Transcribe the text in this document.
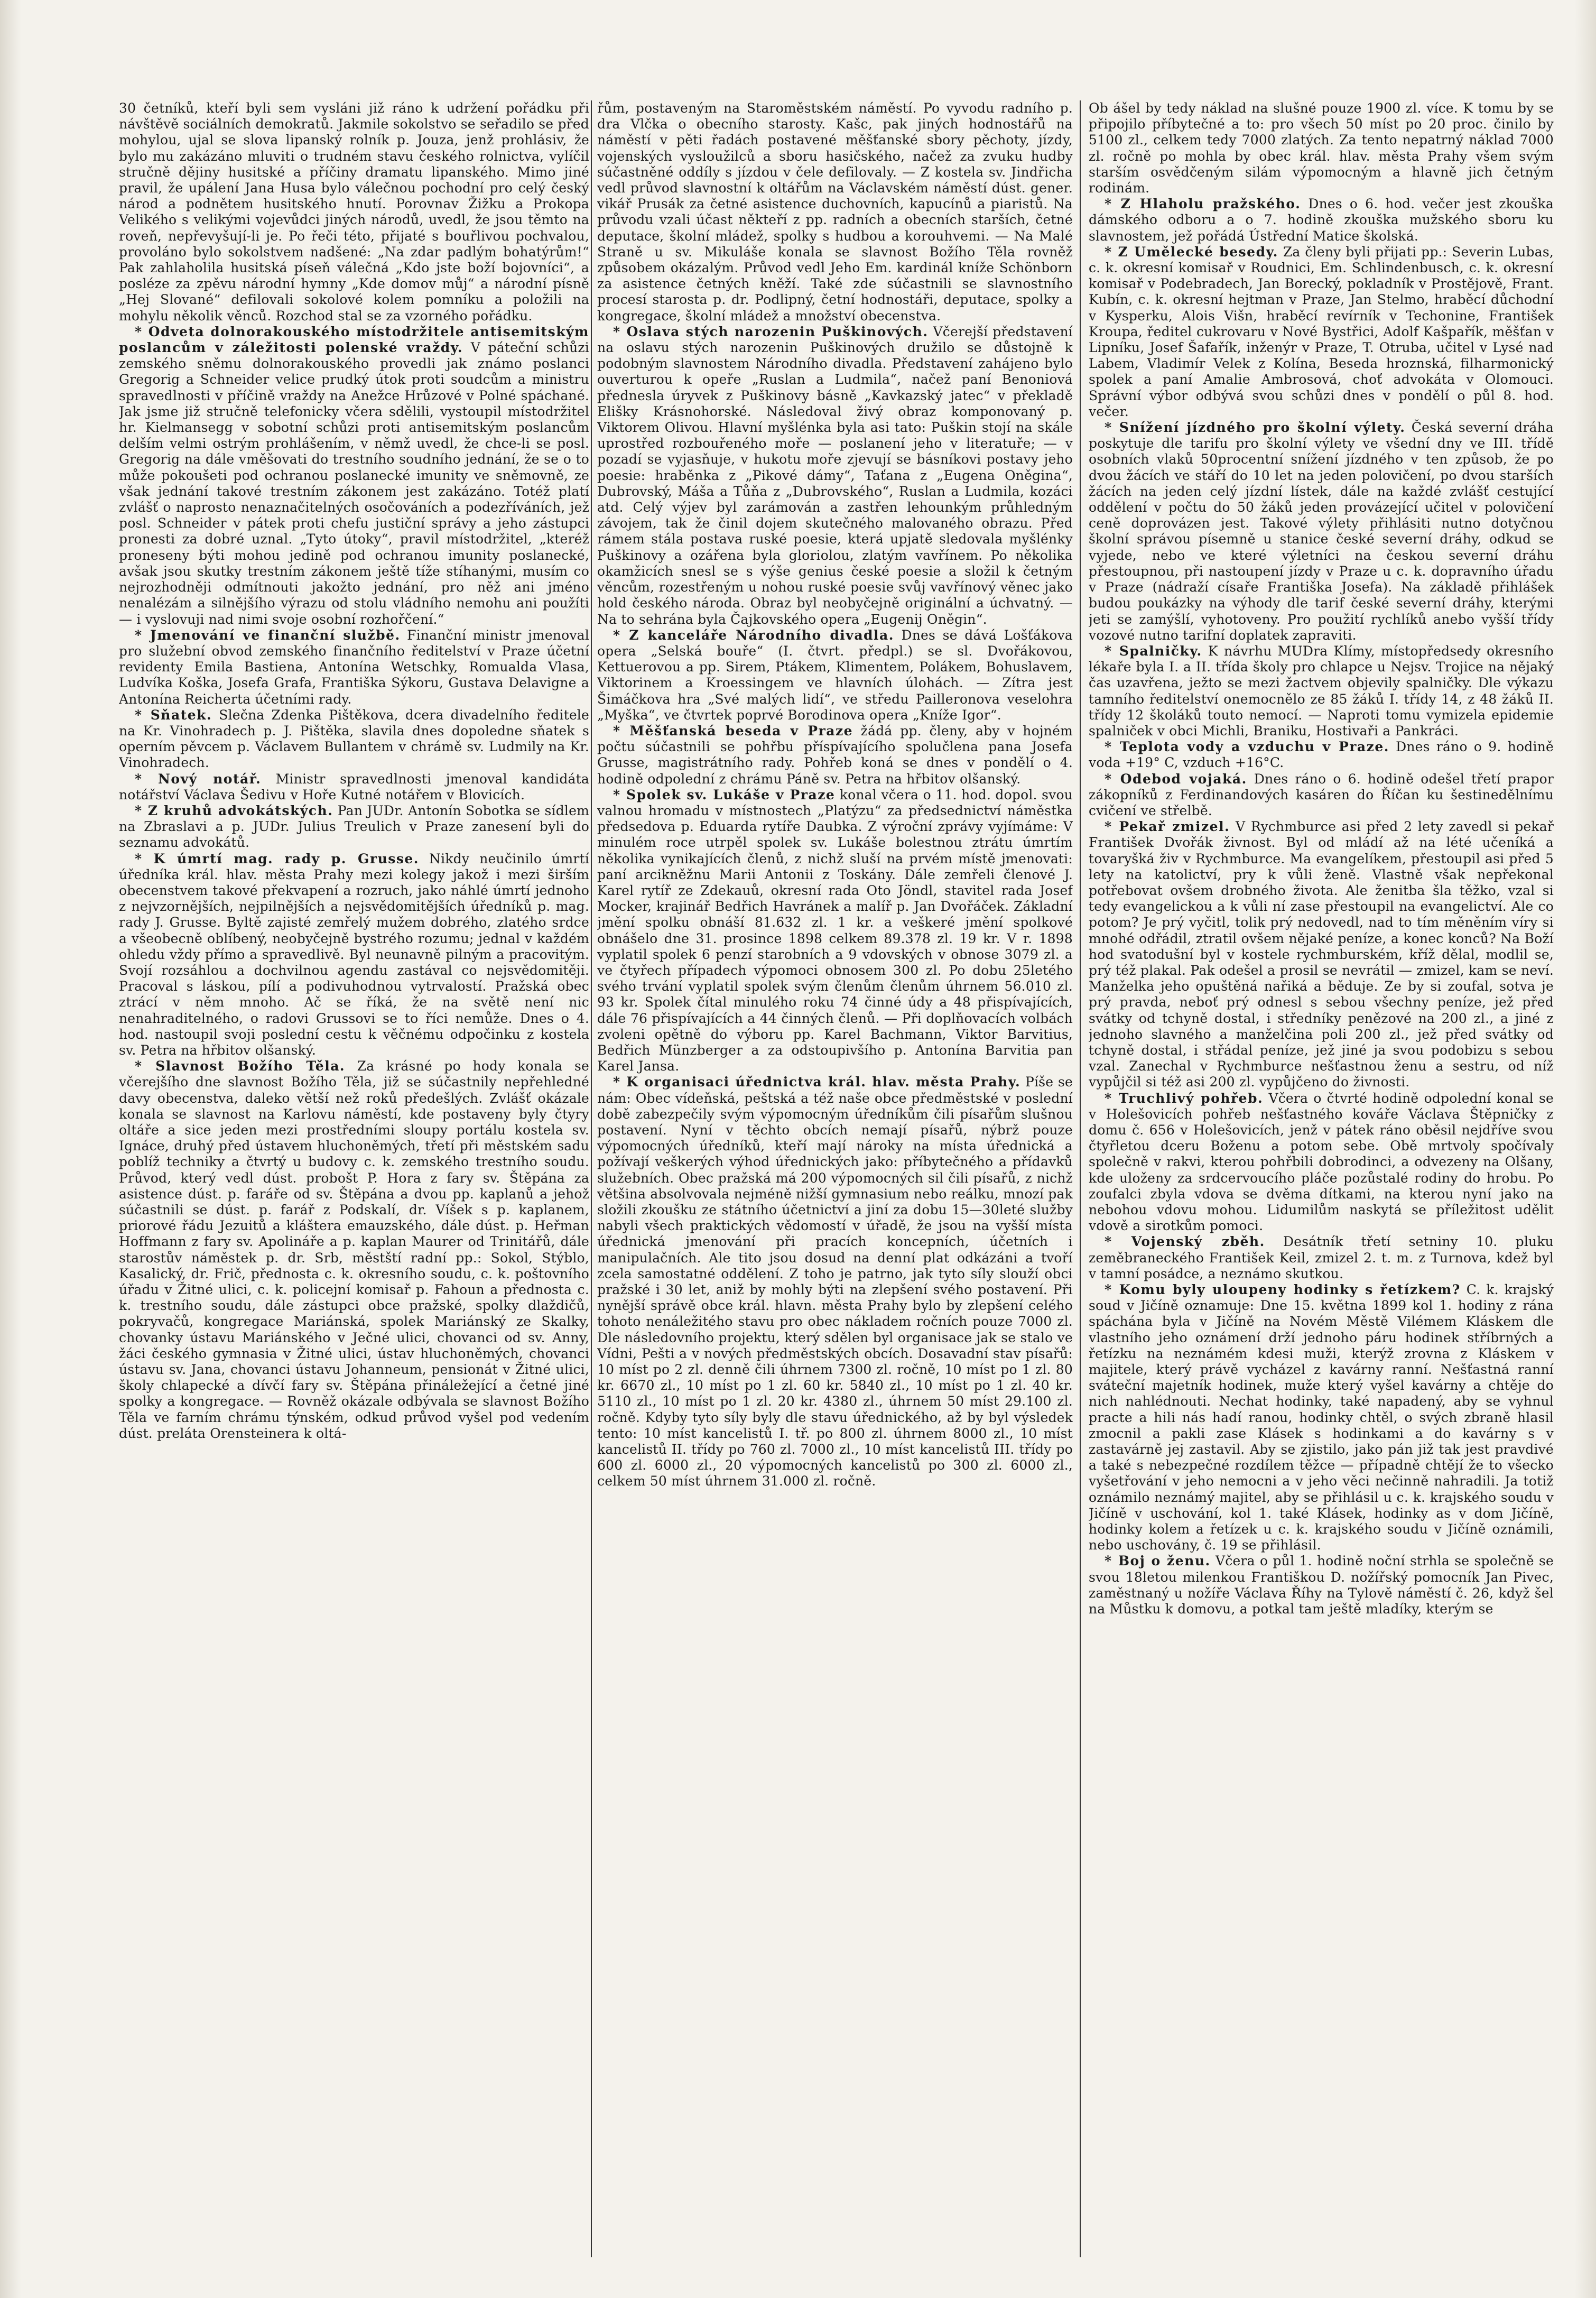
30 četníků, kteří byli sem vysláni již ráno k udržení pořádku při návštěvě sociálních demokratů. Jakmile sokolstvo se seřadilo se před mohylou, ujal se slova lipanský rolník p. Jouza, jenž prohlásiv, že bylo mu zakázáno mluviti o trudném stavu českého rolnictva, vylíčil stručně dějiny husitské a příčiny dramatu lipanského. Mimo jiné pravil, že upálení Jana Husa bylo válečnou pochodní pro celý český národ a podnětem husitského hnutí. Porovnav Žižku a Prokopa Velikého s velikými vojevůdci jiných národů, uvedl, že jsou těmto na roveň, nepřevyšují-li je. Po řeči této, přijaté s bouřlivou pochvalou, provoláno bylo sokolstvem nadšené: „Na zdar padlým bohatýrům!“ Pak zahlaholila husitská píseň válečná „Kdo jste boží bojovníci“, a posléze za zpěvu národní hymny „Kde domov můj“ a národní písně „Hej Slované“ defilovali sokolové kolem pomníku a položili na mohylu několik věnců. Rozchod stal se za vzorného pořádku.

* Odveta dolnorakouského místodržitele antisemitským poslancům v záležitosti polenské vraždy. V páteční schůzi zemského sněmu dolnorakouského provedli jak známo poslanci Gregorig a Schneider velice prudký útok proti soudcům a ministru spravedlnosti v příčině vraždy na Anežce Hrůzové v Polné spáchané. Jak jsme již stručně telefonicky včera sdělili, vystoupil místodržitel hr. Kielmansegg v sobotní schůzi proti antisemitským poslancům delším velmi ostrým prohlášením, v němž uvedl, že chce-li se posl. Gregorig na dále vměšovati do trestního soudního jednání, že se o to může pokoušeti pod ochranou poslanecké imunity ve sněmovně, ze však jednání takové trestním zákonem jest zakázáno. Totéž platí zvlášť o naprosto nenaznačitelných osočováních a podezříváních, jež posl. Schneider v pátek proti chefu justiční správy a jeho zástupci pronesti za dobré uznal. „Tyto útoky“, pravil místodržitel, „kteréž proneseny býti mohou jedině pod ochranou imunity poslanecké, avšak jsou skutky trestním zákonem ještě tíže stíhanými, musím co nejrozhodněji odmítnouti jakožto jednání, pro něž ani jméno nenalézám a silnějšího výrazu od stolu vládního nemohu ani použíti — i vyslovuji nad nimi svoje osobní rozhořčení.“

* Jmenování ve finanční službě. Finanční ministr jmenoval pro služební obvod zemského finančního ředitelství v Praze účetní revidenty Emila Bastiena, Antonína Wetschky, Romualda Vlasa, Ludvíka Koška, Josefa Grafa, Františka Sýkoru, Gustava Delavigne a Antonína Reicherta účetními rady.

* Sňatek. Slečna Zdenka Pištěkova, dcera divadelního ředitele na Kr. Vinohradech p. J. Pištěka, slavila dnes dopoledne sňatek s operním pěvcem p. Václavem Bullantem v chrámě sv. Ludmily na Kr. Vinohradech.

* Nový notář. Ministr spravedlnosti jmenoval kandidáta notářství Václava Šedivu v Hoře Kutné notářem v Blovicích.

* Z kruhů advokátských. Pan JUDr. Antonín Sobotka se sídlem na Zbraslavi a p. JUDr. Julius Treulich v Praze zanesení byli do seznamu advokátů.

* K úmrtí mag. rady p. Grusse. Nikdy neučinilo úmrtí úředníka král. hlav. města Prahy mezi kolegy jakož i mezi širším obecenstvem takové překvapení a rozruch, jako náhlé úmrtí jednoho z nejvzornějších, nejpilnějších a nejsvědomitějších úředníků p. mag. rady J. Grusse. Byltě zajisté zemřelý mužem dobrého, zlatého srdce a všeobecně oblíbený, neobyčejně bystrého rozumu; jednal v každém ohledu vždy přímo a spravedlivě. Byl neunavně pilným a pracovitým. Svojí rozsáhlou a dochvilnou agendu zastával co nejsvědomitěji. Pracoval s láskou, pílí a podivuhodnou vytrvalostí. Pražská obec ztrácí v něm mnoho. Ač se říká, že na světě není nic nenahraditelného, o radovi Grussovi se to říci nemůže. Dnes o 4. hod. nastoupil svoji poslední cestu k věčnému odpočinku z kostela sv. Petra na hřbitov olšanský.

* Slavnost Božího Těla. Za krásné po hody konala se včerejšího dne slavnost Božího Těla, již se súčastnily nepřehledné davy obecenstva, daleko větší než roků předešlých. Zvlášť okázale konala se slavnost na Karlovu náměstí, kde postaveny byly čtyry oltáře a sice jeden mezi prostředními sloupy portálu kostela sv. Ignáce, druhý před ústavem hluchoněmých, třetí při městském sadu poblíž techniky a čtvrtý u budovy c. k. zemského trestního soudu. Průvod, který vedl dúst. probošt P. Hora z fary sv. Štěpána za asistence dúst. p. faráře od sv. Štěpána a dvou pp. kaplanů a jehož súčastnili se dúst. p. farář z Podskalí, dr. Víšek s p. kaplanem, priorové řádu Jezuitů a kláštera emauzského, dále dúst. p. Heřman Hoffmann z fary sv. Apolináře a p. kaplan Maurer od Trinitářů, dále starostův náměstek p. dr. Srb, městští radní pp.: Sokol, Stýblo, Kasalický, dr. Frič, přednosta c. k. okresního soudu, c. k. poštovního úřadu v Žitné ulici, c. k. policejní komisař p. Fahoun a přednosta c. k. trestního soudu, dále zástupci obce pražské, spolky dlaždičů, pokryvačů, kongregace Mariánská, spolek Mariánský ze Skalky, chovanky ústavu Mariánského v Ječné ulici, chovanci od sv. Anny, žáci českého gymnasia v Žitné ulici, ústav hluchoněmých, chovanci ústavu sv. Jana, chovanci ústavu Johanneum, pensionát v Žitné ulici, školy chlapecké a dívčí fary sv. Štěpána přináležející a četné jiné spolky a kongregace. — Rovněž okázale odbývala se slavnost Božího Těla ve farním chrámu týnském, odkud průvod vyšel pod vedením dúst. preláta Orensteinera k oltá-

řům, postaveným na Staroměstském náměstí. Po vyvodu radního p. dra Vlčka o obecního starosty. Kašc, pak jiných hodnostářů na náměstí v pěti řadách postavené měšťanské sbory pěchoty, jízdy, vojenských vysloužilců a sboru hasičského, načež za zvuku hudby súčastněné oddíly s jízdou v čele defilovaly. — Z kostela sv. Jindřicha vedl průvod slavnostní k oltářům na Václavském náměstí dúst. gener. vikář Prusák za četné asistence duchovních, kapucínů a piaristů. Na průvodu vzali účast někteří z pp. radních a obecních starších, četné deputace, školní mládež, spolky s hudbou a korouhvemi. — Na Malé Straně u sv. Mikuláše konala se slavnost Božího Těla rovněž způsobem okázalým. Průvod vedl Jeho Em. kardinál kníže Schönborn za asistence četných kněží. Také zde súčastnili se slavnostního procesí starosta p. dr. Podlipný, četní hodnostáři, deputace, spolky a kongregace, školní mládež a množství obecenstva.

* Oslava stých narozenin Puškinových. Včerejší představení na oslavu stých narozenin Puškinových družilo se důstojně k podobným slavnostem Národního divadla. Představení zahájeno bylo ouverturou k opeře „Ruslan a Ludmila“, načež paní Benoniová přednesla úryvek z Puškinovy básně „Kavkazský jatec“ v překladě Elišky Krásnohorské. Následoval živý obraz komponovaný p. Viktorem Olivou. Hlavní myšlénka byla asi tato: Puškin stojí na skále uprostřed rozbouřeného moře — poslanení jeho v literatuře; — v pozadí se vyjasňuje, v hukotu moře zjevují se básníkovi postavy jeho poesie: hraběnka z „Pikové dámy“, Taťana z „Eugena Oněgina“, Dubrovský, Máša a Tůňa z „Dubrovského“, Ruslan a Ludmila, kozáci atd. Celý výjev byl zarámován a zastřen lehounkým průhledným závojem, tak že činil dojem skutečného malovaného obrazu. Před rámem stála postava ruské poesie, která upjatě sledovala myšlénky Puškinovy a ozářena byla gloriolou, zlatým vavřínem. Po několika okamžicích snesl se s výše genius české poesie a složil k četným věncům, rozestřeným u nohou ruské poesie svůj vavřínový věnec jako hold českého národa. Obraz byl neobyčejně originální a úchvatný. — Na to sehrána byla Čajkovského opera „Eugenij Oněgin“.

* Z kanceláře Národního divadla. Dnes se dává Lošťákova opera „Selská bouře“ (I. čtvrt. předpl.) se sl. Dvořákovou, Kettuerovou a pp. Sirem, Ptákem, Klimentem, Polákem, Bohuslavem, Viktorinem a Kroessingem ve hlavních úlohách. — Zítra jest Šimáčkova hra „Své malých lidí“, ve středu Pailleronova veselohra „Myška“, ve čtvrtek poprvé Borodinova opera „Kníže Igor“.

* Měšťanská beseda v Praze žádá pp. členy, aby v hojném počtu súčastnili se pohřbu příspívajícího spolučlena pana Josefa Grusse, magistrátního rady. Pohřeb koná se dnes v pondělí o 4. hodině odpolední z chrámu Páně sv. Petra na hřbitov olšanský.

* Spolek sv. Lukáše v Praze konal včera o 11. hod. dopol. svou valnou hromadu v místnostech „Platýzu“ za předsednictví náměstka předsedova p. Eduarda rytíře Daubka. Z výroční zprávy vyjímáme: V minulém roce utrpěl spolek sv. Lukáše bolestnou ztrátu úmrtím několika vynikajících členů, z nichž sluší na prvém místě jmenovati: paní arcikněžnu Marii Antonii z Toskány. Dále zemřeli členové J. Karel rytíř ze Zdekauů, okresní rada Oto Jöndl, stavitel rada Josef Mocker, krajinář Bedřich Havránek a malíř p. Jan Dvořáček. Základní jmění spolku obnáší 81.632 zl. 1 kr. a veškeré jmění spolkové obnášelo dne 31. prosince 1898 celkem 89.378 zl. 19 kr. V r. 1898 vyplatil spolek 6 penzí starobních a 9 vdovských v obnose 3079 zl. a ve čtyřech případech výpomoci obnosem 300 zl. Po dobu 25letého svého trvání vyplatil spolek svým členům členům úhrnem 56.010 zl. 93 kr. Spolek čítal minulého roku 74 činné údy a 48 přispívajících, dále 76 přispívajících a 44 činných členů. — Při doplňovacích volbách zvoleni opětně do výboru pp. Karel Bachmann, Viktor Barvitius, Bedřich Münzberger a za odstoupivšího p. Antonína Barvitia pan Karel Jansa.

* K organisaci úřednictva král. hlav. města Prahy. Píše se nám: Obec vídeňská, peštská a též naše obce předměstské v poslední době zabezpečily svým výpomocným úředníkům čili písařům slušnou postavení. Nyní v těchto obcích nemají písařů, nýbrž pouze výpomocných úředníků, kteří mají nároky na místa úřednická a požívají veškerých výhod úřednických jako: příbytečného a přídavků služebních. Obec pražská má 200 výpomocných sil čili písařů, z nichž většina absolvovala nejméně nižší gymnasium nebo reálku, mnozí pak složili zkoušku ze státního účetnictví a jiní za dobu 15—30leté služby nabyli všech praktických vědomostí v úřadě, že jsou na vyšší místa úřednická jmenování při pracích koncepních, účetních i manipulačních. Ale tito jsou dosud na denní plat odkázáni a tvoří zcela samostatné oddělení. Z toho je patrno, jak tyto síly slouží obci pražské i 30 let, aniž by mohly býti na zlepšení svého postavení. Při nynější správě obce král. hlavn. města Prahy bylo by zlepšení celého tohoto nenáležitého stavu pro obec nákladem ročních pouze 7000 zl. Dle následovního projektu, který sdělen byl organisace jak se stalo ve Vídni, Pešti a v nových předměstských obcích. Dosavadní stav písařů: 10 míst po 2 zl. denně čili úhrnem 7300 zl. ročně, 10 míst po 1 zl. 80 kr. 6670 zl., 10 míst po 1 zl. 60 kr. 5840 zl., 10 míst po 1 zl. 40 kr. 5110 zl., 10 míst po 1 zl. 20 kr. 4380 zl., úhrnem 50 míst 29.100 zl. ročně. Kdyby tyto síly byly dle stavu úřednického, až by byl výsledek tento: 10 míst kancelistů I. tř. po 800 zl. úhrnem 8000 zl., 10 míst kancelistů II. třídy po 760 zl. 7000 zl., 10 míst kancelistů III. třídy po 600 zl. 6000 zl., 20 výpomocných kancelistů po 300 zl. 6000 zl., celkem 50 míst úhrnem 31.000 zl. ročně.

Ob ášel by tedy náklad na slušné pouze 1900 zl. více. K tomu by se připojilo příbytečné a to: pro všech 50 míst po 20 proc. činilo by 5100 zl., celkem tedy 7000 zlatých. Za tento nepatrný náklad 7000 zl. ročně po mohla by obec král. hlav. města Prahy všem svým starším osvědčeným silám výpomocným a hlavně jich četným rodinám.

* Z Hlaholu pražského. Dnes o 6. hod. večer jest zkouška dámského odboru a o 7. hodině zkouška mužského sboru ku slavnostem, jež pořádá Ústřední Matice školská.

* Z Umělecké besedy. Za členy byli přijati pp.: Severin Lubas, c. k. okresní komisař v Roudnici, Em. Schlindenbusch, c. k. okresní komisař v Podebradech, Jan Borecký, pokladník v Prostějově, Frant. Kubín, c. k. okresní hejtman v Praze, Jan Stelmo, hraběcí důchodní v Kysperku, Alois Višn, hraběcí revírník v Techonine, František Kroupa, ředitel cukrovaru v Nové Bystřici, Adolf Kašpařík, měšťan v Lipníku, Josef Šafařík, inženýr v Praze, T. Otruba, učitel v Lysé nad Labem, Vladimír Velek z Kolína, Beseda hroznská, filharmonický spolek a paní Amalie Ambrosová, choť advokáta v Olomouci. Správní výbor odbývá svou schůzi dnes v pondělí o půl 8. hod. večer.

* Snížení jízdného pro školní výlety. Česká severní dráha poskytuje dle tarifu pro školní výlety ve všední dny ve III. třídě osobních vlaků 50procentní snížení jízdného v ten způsob, že po dvou žácích ve stáří do 10 let na jeden polovičení, po dvou starších žácích na jeden celý jízdní lístek, dále na každé zvlášť cestující oddělení v počtu do 50 žáků jeden provázející učitel v polovičení ceně doprovázen jest. Takové výlety přihlásiti nutno dotyčnou školní správou písemně u stanice české severní dráhy, odkud se vyjede, nebo ve které výletníci na českou severní dráhu přestoupnou, při nastoupení jízdy v Praze u c. k. dopravního úřadu v Praze (nádraží císaře Františka Josefa). Na základě přihlášek budou poukázky na výhody dle tarif české severní dráhy, kterými jeti se zamýšlí, vyhotoveny. Pro použití rychlíků anebo vyšší třídy vozové nutno tarifní doplatek zapraviti.

* Spalničky. K návrhu MUDra Klímy, místopředsedy okresního lékaře byla I. a II. třída školy pro chlapce u Nejsv. Trojice na nějaký čas uzavřena, ježto se mezi žactvem objevily spalničky. Dle výkazu tamního ředitelství onemocnělo ze 85 žáků I. třídy 14, z 48 žáků II. třídy 12 školáků touto nemocí. — Naproti tomu vymizela epidemie spalniček v obci Michli, Braniku, Hostivaři a Pankráci.

* Teplota vody a vzduchu v Praze. Dnes ráno o 9. hodině voda +19° C, vzduch +16°C.

* Odebod vojaká. Dnes ráno o 6. hodině odešel třetí prapor zákopníků z Ferdinandových kasáren do Říčan ku šestinedělnímu cvičení ve střelbě.

* Pekař zmizel. V Rychmburce asi před 2 lety zavedl si pekař František Dvořák živnost. Byl od mládí až na lété učeníká a tovaryšká živ v Rychmburce. Ma evangelíkem, přestoupil asi před 5 lety na katolictví, pry k vůli ženě. Vlastně však nepřekonal potřebovat ovšem drobného života. Ale ženitba šla těžko, vzal si tedy evangelickou a k vůli ní zase přestoupil na evangelictví. Ale co potom? Je prý vyčitl, tolik prý nedovedl, nad to tím měněním víry si mnohé odřádil, ztratil ovšem nějaké peníze, a konec konců? Na Boží hod svatodušní byl v kostele rychmburském, kříž dělal, modlil se, prý též plakal. Pak odešel a prosil se nevrátil — zmizel, kam se neví. Manželka jeho opuštěná nařiká a běduje. Ze by si zoufal, sotva je prý pravda, neboť prý odnesl s sebou všechny peníze, jež před svátky od tchyně dostal, i středníky penězové na 200 zl., a jiné z jednoho slavného a manželčina poli 200 zl., jež před svátky od tchyně dostal, i střádal peníze, jež jiné ja svou podobizu s sebou vzal. Zanechal v Rychmburce nešťastnou ženu a sestru, od níž vypůjčil si též asi 200 zl. vypůjčeno do živnosti.

* Truchlivý pohřeb. Včera o čtvrté hodině odpolední konal se v Holešovicích pohřeb nešťastného kováře Václava Štěpničky z domu č. 656 v Holešovicích, jenž v pátek ráno oběsil nejdříve svou čtyřletou dceru Boženu a potom sebe. Obě mrtvoly spočívaly společně v rakvi, kterou pohřbili dobrodinci, a odvezeny na Olšany, kde uloženy za srdcervoucího pláče pozůstalé rodiny do hrobu. Po zoufalci zbyla vdova se dvěma dítkami, na kterou nyní jako na nebohou vdovu mohou. Lidumilům naskytá se příležitost udělit vdově a sirotkům pomoci.

* Vojenský zběh. Desátník třetí setniny 10. pluku zeměbraneckého František Keil, zmizel 2. t. m. z Turnova, kdež byl v tamní posádce, a neznámo skutkou.

* Komu byly uloupeny hodinky s řetízkem? C. k. krajský soud v Jičíně oznamuje: Dne 15. května 1899 kol 1. hodiny z rána spáchána byla v Jičíně na Novém Městě Vilémem Kláskem dle vlastního jeho oznámení drží jednoho páru hodinek stříbrných a řetízku na neznámém kdesi muži, kterýž zrovna z Kláskem v majitele, který právě vycházel z kavárny ranní. Nešťastná ranní sváteční majetník hodinek, muže který vyšel kavárny a chtěje do nich nahlédnouti. Nechat hodinky, také napadený, aby se vyhnul practe a hili nás hadí ranou, hodinky chtěl, o svých zbraně hlasil zmocnil a pakli zase Klásek s hodinkami a do kavárny s v zastavárně jej zastavil. Aby se zjistilo, jako pán již tak jest pravdivé a také s nebezpečné rozdílem těžce — případně chtějí že to všecko vyšetřování v jeho nemocni a v jeho věci nečinně nahradili. Ja totiž oznámilo neznámý majitel, aby se přihlásil u c. k. krajského soudu v Jičíně v uschování, kol 1. také Klásek, hodinky as v dom Jičíně, hodinky kolem a řetízek u c. k. krajského soudu v Jičíně oznámili, nebo uschovány, č. 19 se přihlásil.

* Boj o ženu. Včera o půl 1. hodině noční strhla se společně se svou 18letou milenkou Františkou D. nožířský pomocník Jan Pivec, zaměstnaný u nožíře Václava Říhy na Tylově náměstí č. 26, když šel na Můstku k domovu, a potkal tam ještě mladíky, kterým se
